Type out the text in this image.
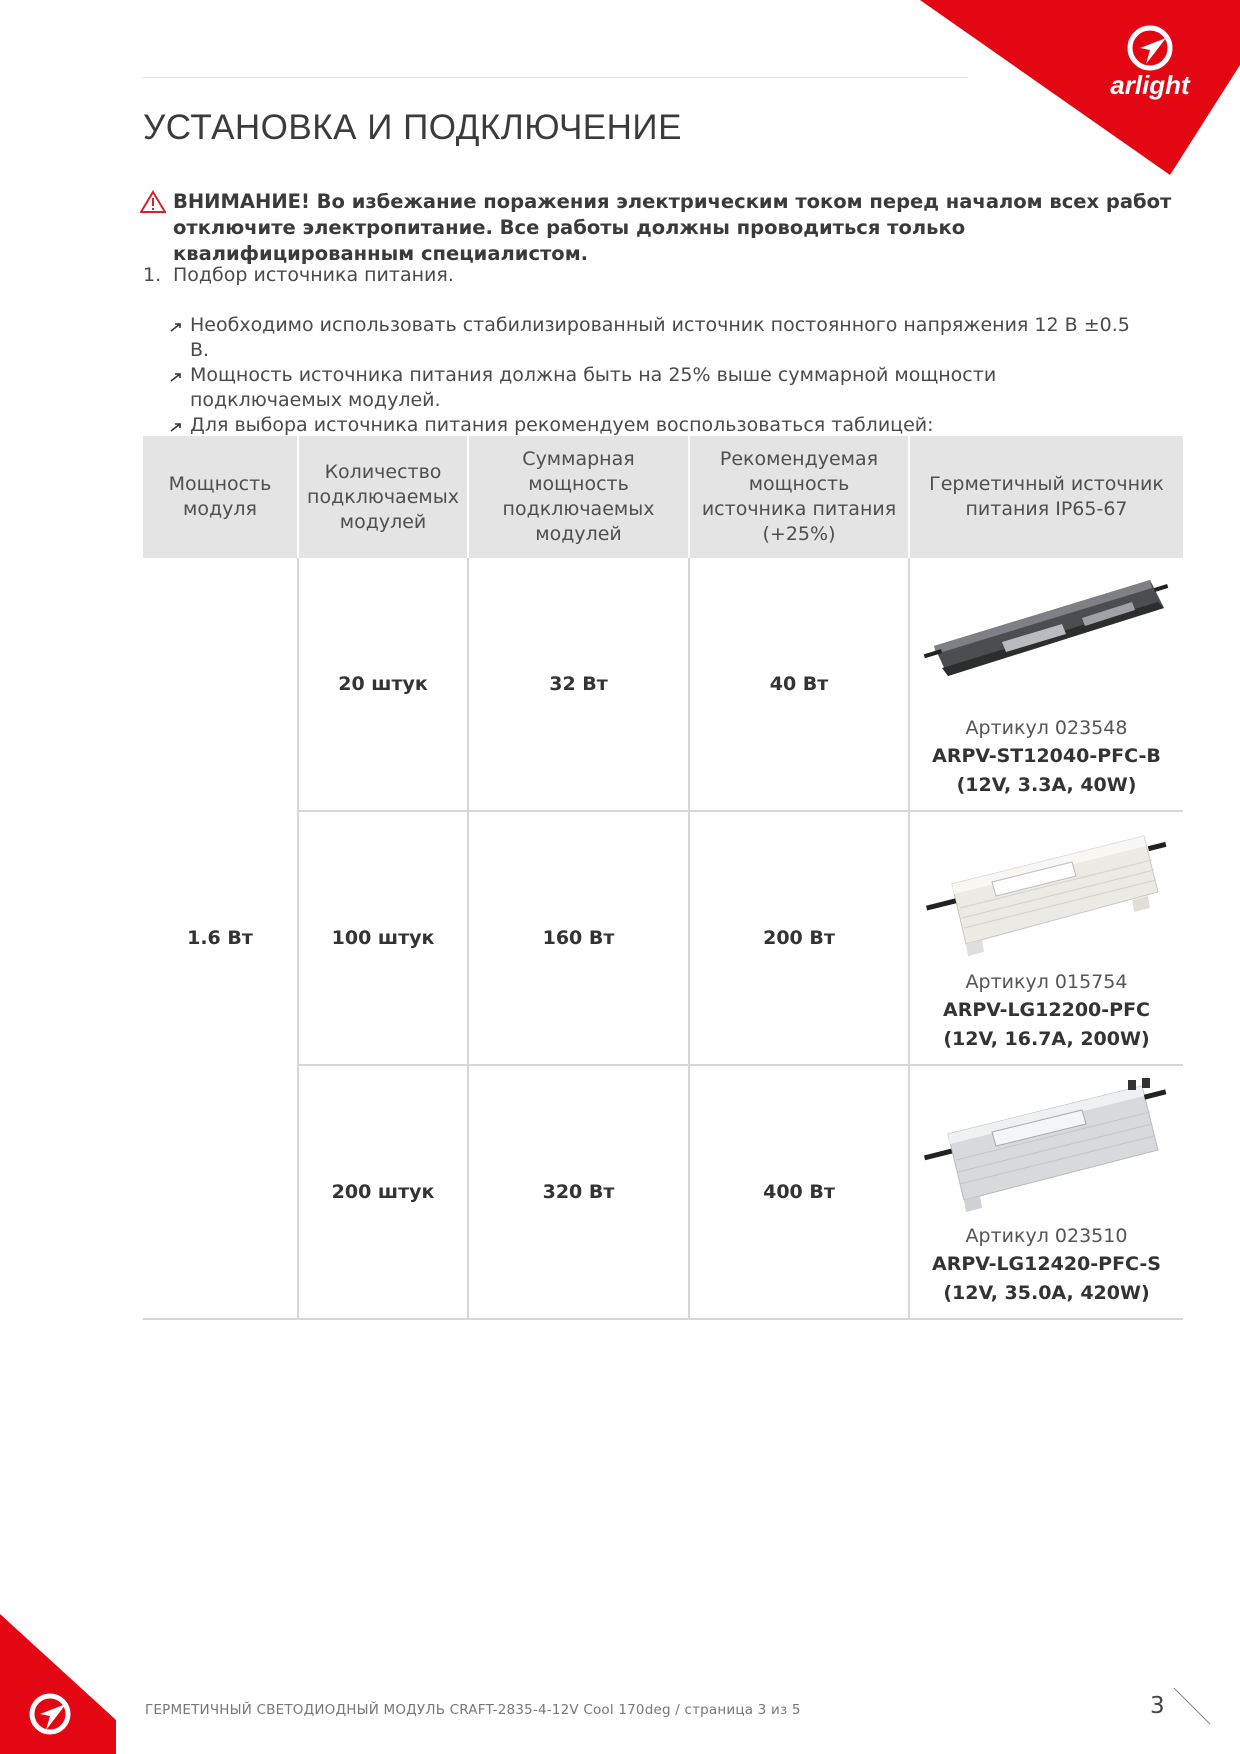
arlight
УСТАНОВКА И ПОДКЛЮЧЕНИЕ

ВНИМАНИЕ! Во избежание поражения электрическим током перед началом всех работ отключите электропитание. Все работы должны проводиться только квалифицированным специалистом.

1. Подбор источника питания.
Необходимо использовать стабилизированный источник постоянного напряжения 12 В ±0.5 В.
Мощность источника питания должна быть на 25% выше суммарной мощности подключаемых модулей.
Для выбора источника питания рекомендуем воспользоваться таблицей:
Мощность модуля	Количество подключаемых модулей	Суммарная мощность подключаемых модулей	Рекомендуемая мощность источника питания (+25%)	Герметичный источник питания IP65-67
1.6 Вт	20 штук	32 Вт	40 Вт	Артикул 023548
ARPV-ST12040-PFC-B
(12V, 3.3A, 40W)

	100 штук	160 Вт	200 Вт	Артикул 015754
ARPV-LG12200-PFC
(12V, 16.7A, 200W)

	200 штук	320 Вт	400 Вт	Артикул 023510
ARPV-LG12420-PFC-S
(12V, 35.0A, 420W)
ГЕРМЕТИЧНЫЙ СВЕТОДИОДНЫЙ МОДУЛЬ CRAFT-2835-4-12V Cool 170deg / страница 3 из 5	3
